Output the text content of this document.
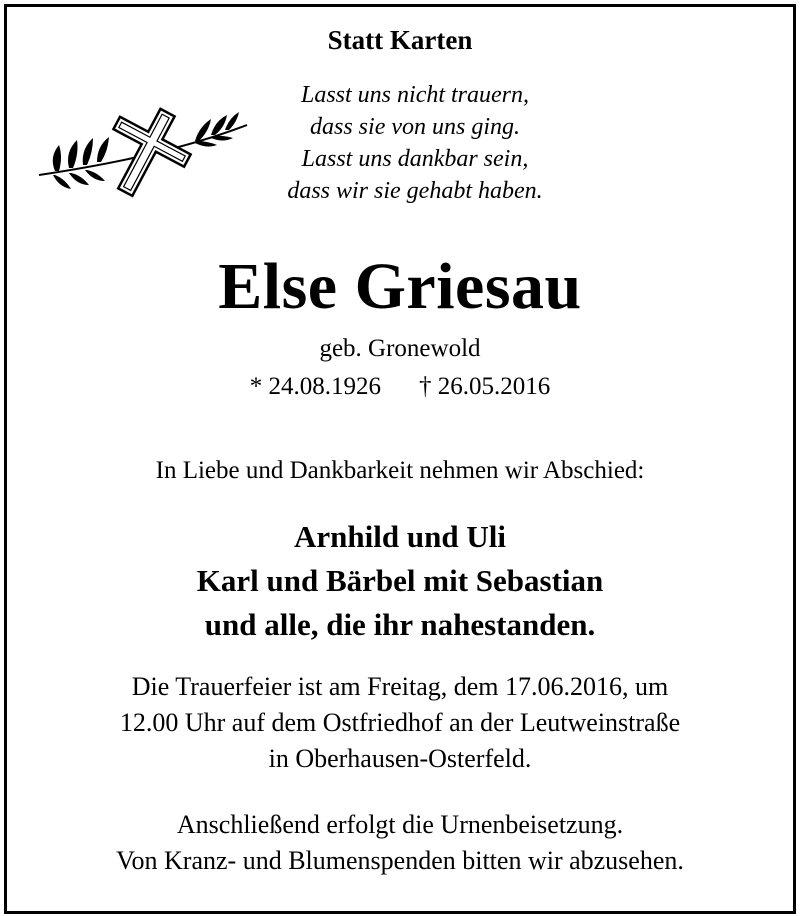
Statt Karten
Lasst uns nicht trauern,
dass sie von uns ging.
Lasst uns dankbar sein,
dass wir sie gehabt haben.
Else Griesau
geb. Gronewold
* 24.08.1926 † 26.05.2016
In Liebe und Dankbarkeit nehmen wir Abschied:
Arnhild und Uli
Karl und Bärbel mit Sebastian
und alle, die ihr nahestanden.
Die Trauerfeier ist am Freitag, dem 17.06.2016, um
12.00 Uhr auf dem Ostfriedhof an der Leutweinstraße
in Oberhausen-Osterfeld.
Anschließend erfolgt die Urnenbeisetzung.
Von Kranz- und Blumenspenden bitten wir abzusehen.
